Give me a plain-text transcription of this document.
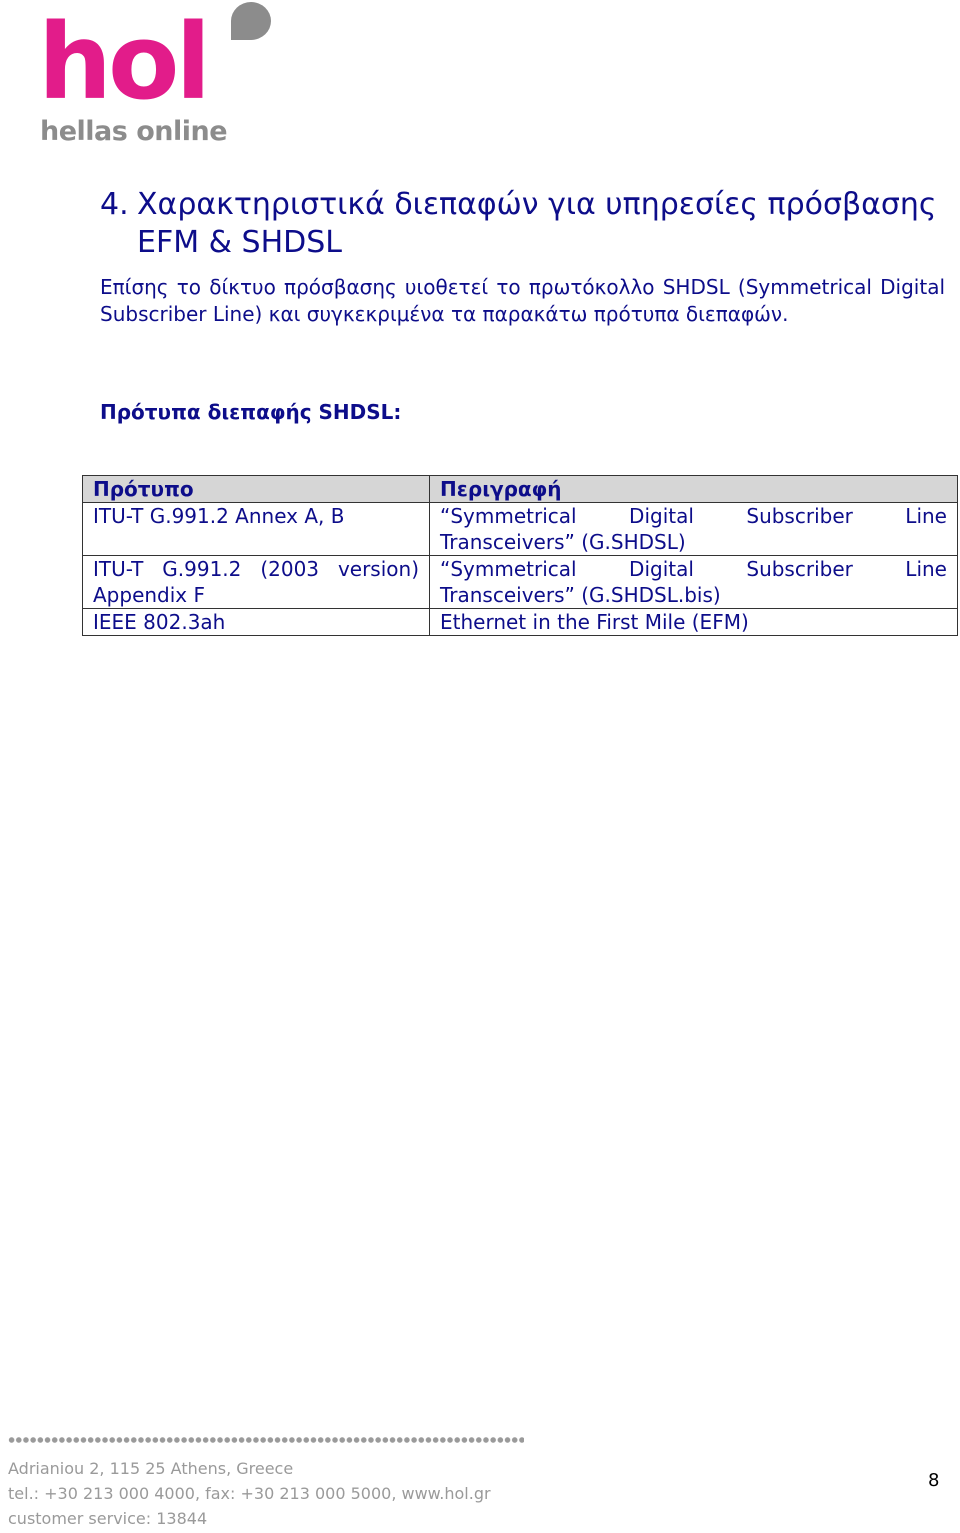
hol
hellas online
4. Χαρακτηριστικά διεπαφών για υπηρεσίες πρόσβασης
EFM & SHDSL
Επίσης το δίκτυο πρόσβασης υιοθετεί το πρωτόκολλο SHDSL (Symmetrical Digital Subscriber Line) και συγκεκριμένα τα παρακάτω πρότυπα διεπαφών.
Πρότυπα διεπαφής SHDSL:
Πρότυπο	Περιγραφή
ITU-T G.991.2 Annex A, B	“Symmetrical Digital Subscriber Line Transceivers” (G.SHDSL)
ITU-T G.991.2 (2003 version) Appendix F	“Symmetrical Digital Subscriber Line Transceivers” (G.SHDSL.bis)
IEEE 802.3ah	Ethernet in the First Mile (EFM)
Adrianiou 2, 115 25 Athens, Greece
tel.: +30 213 000 4000, fax: +30 213 000 5000, www.hol.gr
customer service: 13844
8
